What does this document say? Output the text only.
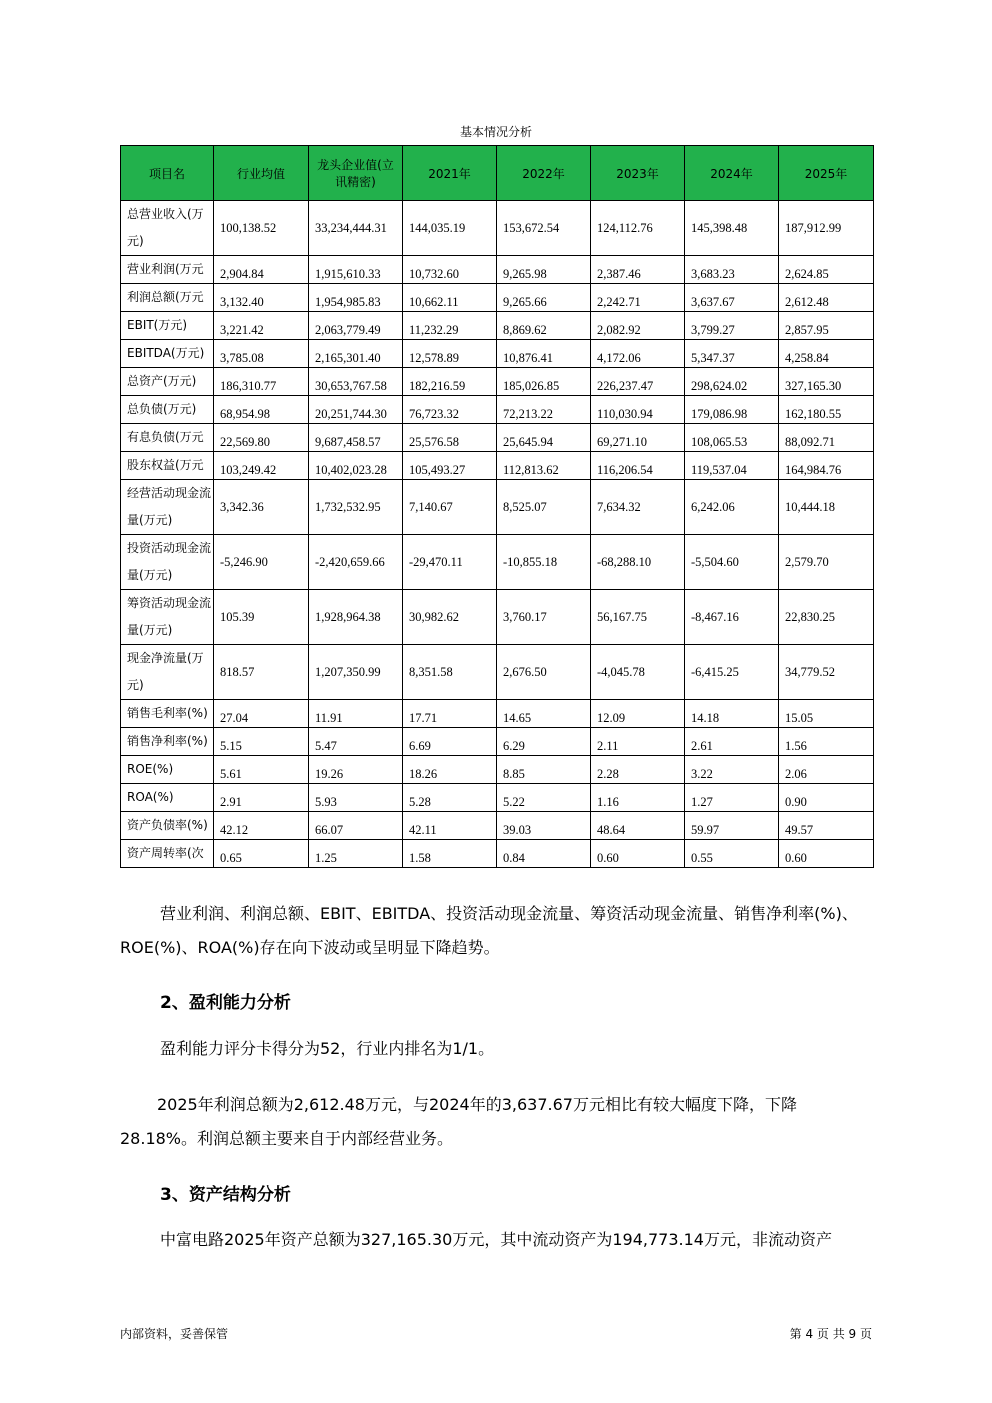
基本情况分析
项目名	行业均值	龙头企业值(立讯精密)	2021年	2022年	2023年	2024年	2025年
总营业收入(万元)	100,138.52	33,234,444.31	144,035.19	153,672.54	124,112.76	145,398.48	187,912.99
营业利润(万元	2,904.84	1,915,610.33	10,732.60	9,265.98	2,387.46	3,683.23	2,624.85
利润总额(万元	3,132.40	1,954,985.83	10,662.11	9,265.66	2,242.71	3,637.67	2,612.48
EBIT(万元)	3,221.42	2,063,779.49	11,232.29	8,869.62	2,082.92	3,799.27	2,857.95
EBITDA(万元)	3,785.08	2,165,301.40	12,578.89	10,876.41	4,172.06	5,347.37	4,258.84
总资产(万元)	186,310.77	30,653,767.58	182,216.59	185,026.85	226,237.47	298,624.02	327,165.30
总负债(万元)	68,954.98	20,251,744.30	76,723.32	72,213.22	110,030.94	179,086.98	162,180.55
有息负债(万元	22,569.80	9,687,458.57	25,576.58	25,645.94	69,271.10	108,065.53	88,092.71
股东权益(万元	103,249.42	10,402,023.28	105,493.27	112,813.62	116,206.54	119,537.04	164,984.76
经营活动现金流量(万元)	3,342.36	1,732,532.95	7,140.67	8,525.07	7,634.32	6,242.06	10,444.18
投资活动现金流量(万元)	-5,246.90	-2,420,659.66	-29,470.11	-10,855.18	-68,288.10	-5,504.60	2,579.70
筹资活动现金流量(万元)	105.39	1,928,964.38	30,982.62	3,760.17	56,167.75	-8,467.16	22,830.25
现金净流量(万元)	818.57	1,207,350.99	8,351.58	2,676.50	-4,045.78	-6,415.25	34,779.52
销售毛利率(%)	27.04	11.91	17.71	14.65	12.09	14.18	15.05
销售净利率(%)	5.15	5.47	6.69	6.29	2.11	2.61	1.56
ROE(%)	5.61	19.26	18.26	8.85	2.28	3.22	2.06
ROA(%)	2.91	5.93	5.28	5.22	1.16	1.27	0.90
资产负债率(%)	42.12	66.07	42.11	39.03	48.64	59.97	49.57
资产周转率(次	0.65	1.25	1.58	0.84	0.60	0.55	0.60
营业利润、利润总额、EBIT、EBITDA、投资活动现金流量、筹资活动现金流量、销售净利率(%)、ROE(%)、ROA(%)存在向下波动或呈明显下降趋势。
2、盈利能力分析
盈利能力评分卡得分为52，行业内排名为1/1。
2025年利润总额为2,612.48万元，与2024年的3,637.67万元相比有较大幅度下降，下降28.18%。利润总额主要来自于内部经营业务。
3、资产结构分析
中富电路2025年资产总额为327,165.30万元，其中流动资产为194,773.14万元，非流动资产
内部资料，妥善保管	第 4 页 共 9 页
